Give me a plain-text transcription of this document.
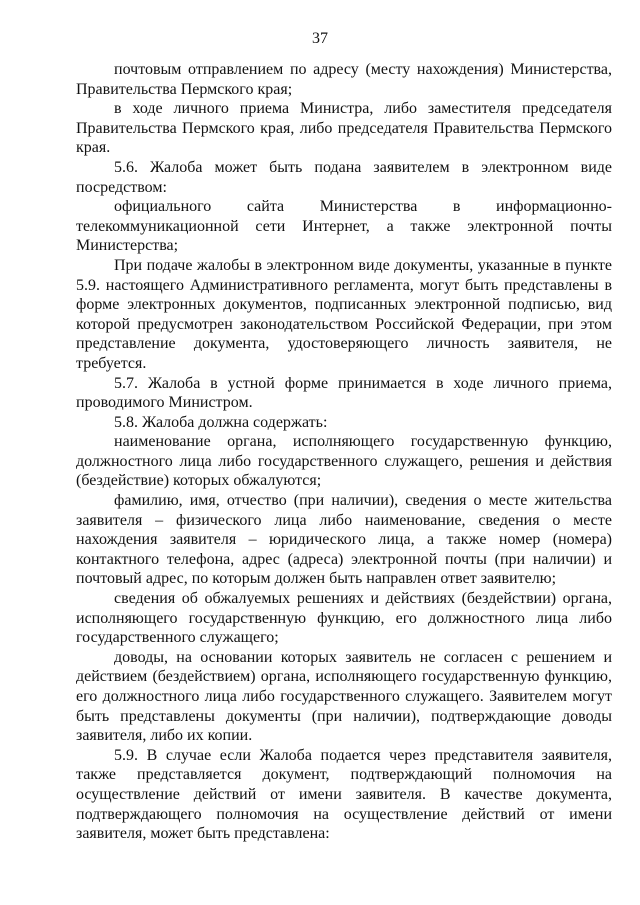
37

почтовым отправлением по адресу (месту нахождения) Министерства, Правительства Пермского края;

в ходе личного приема Министра, либо заместителя председателя Правительства Пермского края, либо председателя Правительства Пермского края.

5.6. Жалоба может быть подана заявителем в электронном виде посредством:

официального сайта Министерства в информационно-телекоммуникационной сети Интернет, а также электронной почты Министерства;

При подаче жалобы в электронном виде документы, указанные в пункте 5.9. настоящего Административного регламента, могут быть представлены в форме электронных документов, подписанных электронной подписью, вид которой предусмотрен законодательством Российской Федерации, при этом представление документа, удостоверяющего личность заявителя, не требуется.

5.7. Жалоба в устной форме принимается в ходе личного приема, проводимого Министром.

5.8. Жалоба должна содержать:

наименование органа, исполняющего государственную функцию, должностного лица либо государственного служащего, решения и действия (бездействие) которых обжалуются;

фамилию, имя, отчество (при наличии), сведения о месте жительства заявителя – физического лица либо наименование, сведения о месте нахождения заявителя – юридического лица, а также номер (номера) контактного телефона, адрес (адреса) электронной почты (при наличии) и почтовый адрес, по которым должен быть направлен ответ заявителю;

сведения об обжалуемых решениях и действиях (бездействии) органа, исполняющего государственную функцию, его должностного лица либо государственного служащего;

доводы, на основании которых заявитель не согласен с решением и действием (бездействием) органа, исполняющего государственную функцию, его должностного лица либо государственного служащего. Заявителем могут быть представлены документы (при наличии), подтверждающие доводы заявителя, либо их копии.

5.9. В случае если Жалоба подается через представителя заявителя, также представляется документ, подтверждающий полномочия на осуществление действий от имени заявителя. В качестве документа, подтверждающего полномочия на осуществление действий от имени заявителя, может быть представлена:
